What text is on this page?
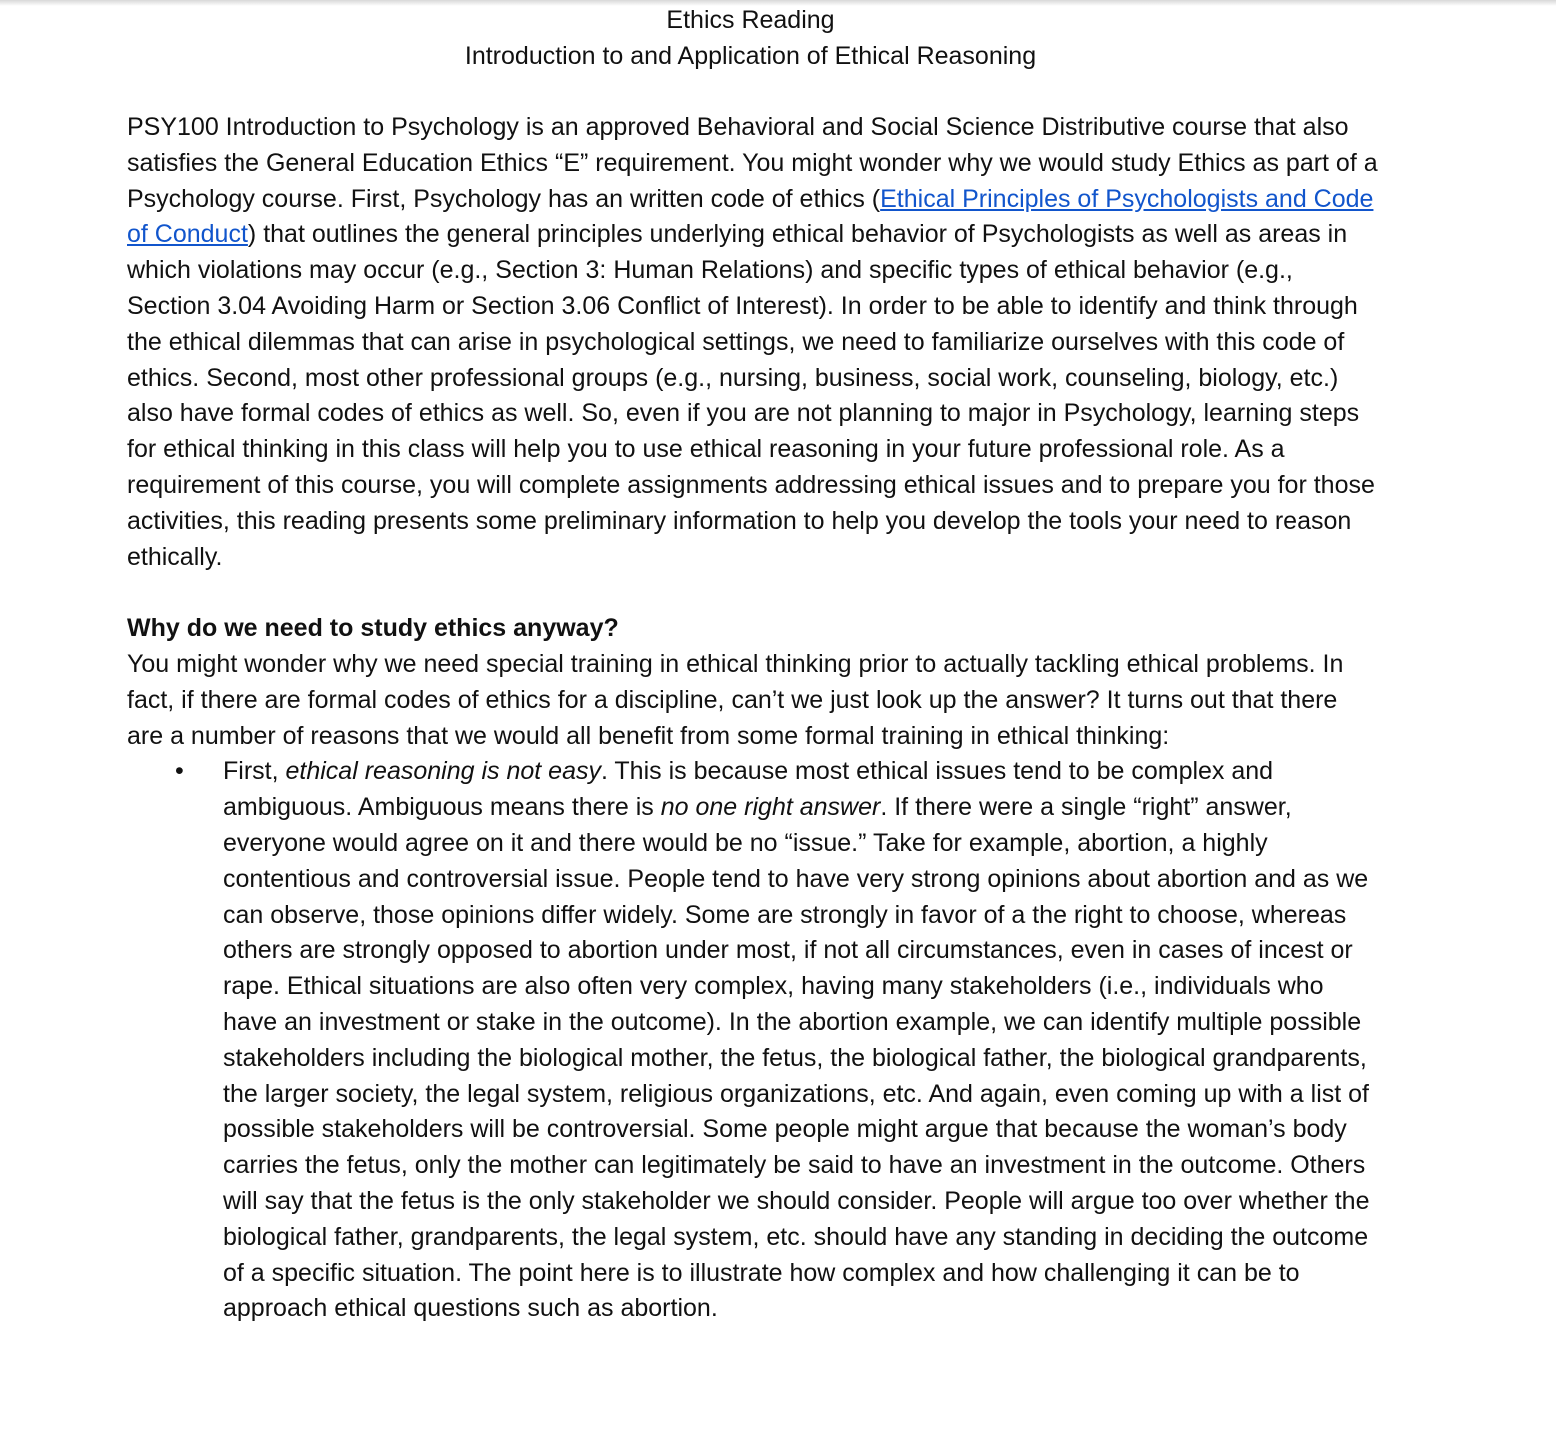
Ethics Reading
Introduction to and Application of Ethical Reasoning

PSY100 Introduction to Psychology is an approved Behavioral and Social Science Distributive course that also satisfies the General Education Ethics “E” requirement. You might wonder why we would study Ethics as part of a Psychology course. First, Psychology has an written code of ethics (Ethical Principles of Psychologists and Code of Conduct) that outlines the general principles underlying ethical behavior of Psychologists as well as areas in which violations may occur (e.g., Section 3: Human Relations) and specific types of ethical behavior (e.g., Section 3.04 Avoiding Harm or Section 3.06 Conflict of Interest). In order to be able to identify and think through the ethical dilemmas that can arise in psychological settings, we need to familiarize ourselves with this code of ethics. Second, most other professional groups (e.g., nursing, business, social work, counseling, biology, etc.) also have formal codes of ethics as well. So, even if you are not planning to major in Psychology, learning steps for ethical thinking in this class will help you to use ethical reasoning in your future professional role. As a requirement of this course, you will complete assignments addressing ethical issues and to prepare you for those activities, this reading presents some preliminary information to help you develop the tools your need to reason ethically.

Why do we need to study ethics anyway?

You might wonder why we need special training in ethical thinking prior to actually tackling ethical problems. In fact, if there are formal codes of ethics for a discipline, can’t we just look up the answer? It turns out that there are a number of reasons that we would all benefit from some formal training in ethical thinking:

• First, ethical reasoning is not easy. This is because most ethical issues tend to be complex and ambiguous. Ambiguous means there is no one right answer. If there were a single “right” answer, everyone would agree on it and there would be no “issue.” Take for example, abortion, a highly contentious and controversial issue. People tend to have very strong opinions about abortion and as we can observe, those opinions differ widely. Some are strongly in favor of a the right to choose, whereas others are strongly opposed to abortion under most, if not all circumstances, even in cases of incest or rape. Ethical situations are also often very complex, having many stakeholders (i.e., individuals who have an investment or stake in the outcome). In the abortion example, we can identify multiple possible stakeholders including the biological mother, the fetus, the biological father, the biological grandparents, the larger society, the legal system, religious organizations, etc. And again, even coming up with a list of possible stakeholders will be controversial. Some people might argue that because the woman’s body carries the fetus, only the mother can legitimately be said to have an investment in the outcome. Others will say that the fetus is the only stakeholder we should consider. People will argue too over whether the biological father, grandparents, the legal system, etc. should have any standing in deciding the outcome of a specific situation. The point here is to illustrate how complex and how challenging it can be to approach ethical questions such as abortion.
